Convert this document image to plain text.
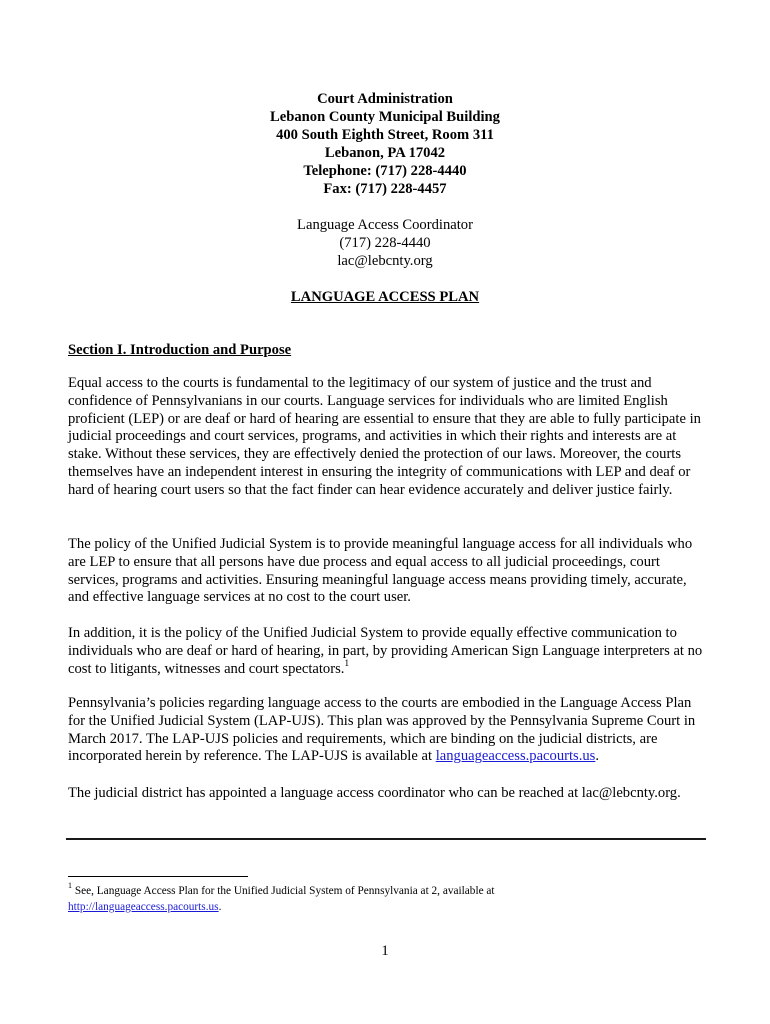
Court Administration
Lebanon County Municipal Building
400 South Eighth Street, Room 311
Lebanon, PA 17042
Telephone: (717) 228-4440
Fax: (717) 228-4457
Language Access Coordinator
(717) 228-4440
lac@lebcnty.org
LANGUAGE ACCESS PLAN
Section I. Introduction and Purpose

Equal access to the courts is fundamental to the legitimacy of our system of justice and the trust and confidence of Pennsylvanians in our courts. Language services for individuals who are limited English proficient (LEP) or are deaf or hard of hearing are essential to ensure that they are able to fully participate in judicial proceedings and court services, programs, and activities in which their rights and interests are at stake. Without these services, they are effectively denied the protection of our laws. Moreover, the courts themselves have an independent interest in ensuring the integrity of communications with LEP and deaf or hard of hearing court users so that the fact finder can hear evidence accurately and deliver justice fairly.

The policy of the Unified Judicial System is to provide meaningful language access for all individuals who are LEP to ensure that all persons have due process and equal access to all judicial proceedings, court services, programs and activities. Ensuring meaningful language access means providing timely, accurate, and effective language services at no cost to the court user.

In addition, it is the policy of the Unified Judicial System to provide equally effective communication to individuals who are deaf or hard of hearing, in part, by providing American Sign Language interpreters at no cost to litigants, witnesses and court spectators.$^1$

Pennsylvania’s policies regarding language access to the courts are embodied in the Language Access Plan for the Unified Judicial System (LAP-UJS). This plan was approved by the Pennsylvania Supreme Court in March 2017. The LAP-UJS policies and requirements, which are binding on the judicial districts, are incorporated herein by reference. The LAP-UJS is available at languageaccess.pacourts.us.

The judicial district has appointed a language access coordinator who can be reached at lac@lebcnty.org.

$^1$ See, Language Access Plan for the Unified Judicial System of Pennsylvania at 2, available at
http://languageaccess.pacourts.us.
1
